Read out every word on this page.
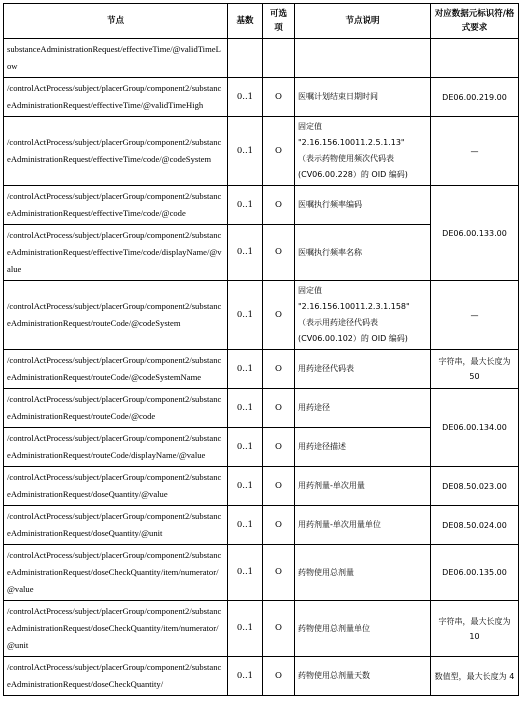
节点	基数	可选项	节点说明	对应数据元标识符/格式要求
substanceAdministrationRequest/effectiveTime/@validTimeLow			

/controlActProcess/subject/placerGroup/component2/substanceAdministrationRequest/effectiveTime/@validTimeHigh	0..1	O	医嘱计划结束日期时间	DE06.00.219.00
/controlActProcess/subject/placerGroup/component2/substanceAdministrationRequest/effectiveTime/code/@codeSystem	0..1	O	固定值
"2.16.156.10011.2.5.1.13"
（表示药物使用频次代码表
(CV06.00.228）的 OID 编码)	—
/controlActProcess/subject/placerGroup/component2/substanceAdministrationRequest/effectiveTime/code/@code	0..1	O	医嘱执行频率编码	DE06.00.133.00
/controlActProcess/subject/placerGroup/component2/substanceAdministrationRequest/effectiveTime/code/displayName/@value	0..1	O	医嘱执行频率名称	

/controlActProcess/subject/placerGroup/component2/substanceAdministrationRequest/routeCode/@codeSystem	0..1	O	固定值
"2.16.156.10011.2.3.1.158"
（表示用药途径代码表
(CV06.00.102）的 OID 编码)	—
/controlActProcess/subject/placerGroup/component2/substanceAdministrationRequest/routeCode/@codeSystemName	0..1	O	用药途径代码表	字符串，最大长度为 50
/controlActProcess/subject/placerGroup/component2/substanceAdministrationRequest/routeCode/@code	0..1	O	用药途径	DE06.00.134.00
/controlActProcess/subject/placerGroup/component2/substanceAdministrationRequest/routeCode/displayName/@value	0..1	O	用药途径描述	

/controlActProcess/subject/placerGroup/component2/substanceAdministrationRequest/doseQuantity/@value	0..1	O	用药剂量-单次用量	DE08.50.023.00
/controlActProcess/subject/placerGroup/component2/substanceAdministrationRequest/doseQuantity/@unit	0..1	O	用药剂量-单次用量单位	DE08.50.024.00
/controlActProcess/subject/placerGroup/component2/substanceAdministrationRequest/doseCheckQuantity/item/numerator/@value	0..1	O	药物使用总剂量	DE06.00.135.00
/controlActProcess/subject/placerGroup/component2/substanceAdministrationRequest/doseCheckQuantity/item/numerator/@unit	0..1	O	药物使用总剂量单位	字符串，最大长度为 10
/controlActProcess/subject/placerGroup/component2/substanceAdministrationRequest/doseCheckQuantity/	0..1	O	药物使用总剂量天数	数值型，最大长度为 4
